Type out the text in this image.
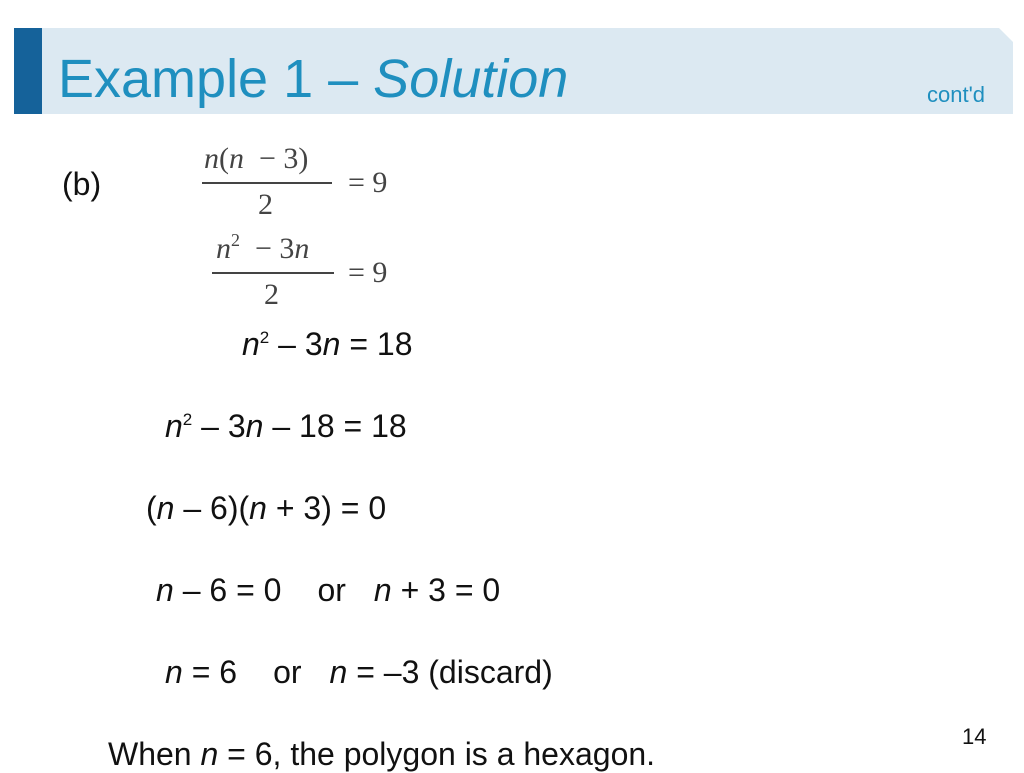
Example 1 – Solution	cont'd
(b)
n(n − 3)
2
= 9
$n^2 - 3n$
2
= 9
$n^2 - 3n = 18$
$n^2 - 3n - 18 = 18$
(n – 6)(n + 3) = 0
n – 6 = 0 or n + 3 = 0
n = 6 or n = –3 (discard)
When n = 6, the polygon is a hexagon.	14
